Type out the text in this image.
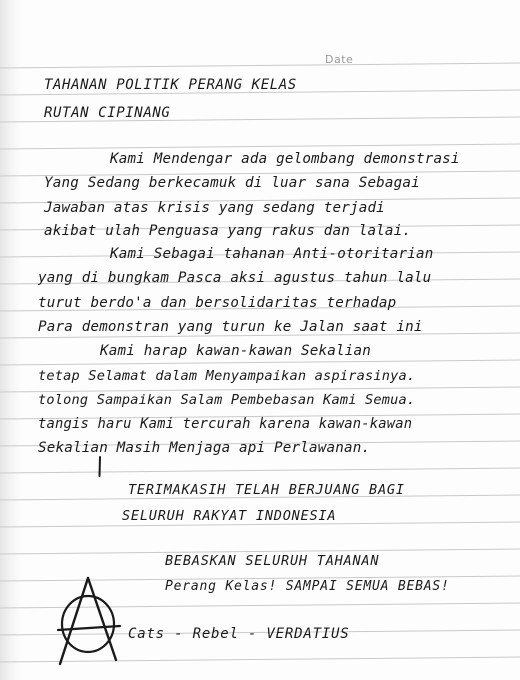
Date
TAHANAN POLITIK PERANG KELAS
RUTAN CIPINANG
Kami Mendengar ada gelombang demonstrasi
Yang Sedang berkecamuk di luar sana Sebagai
Jawaban atas krisis yang sedang terjadi
akibat ulah Penguasa yang rakus dan lalai.
Kami Sebagai tahanan Anti-otoritarian
yang di bungkam Pasca aksi agustus tahun lalu
turut berdo'a dan bersolidaritas terhadap
Para demonstran yang turun ke Jalan saat ini
Kami harap kawan-kawan Sekalian
tetap Selamat dalam Menyampaikan aspirasinya.
tolong Sampaikan Salam Pembebasan Kami Semua.
tangis haru Kami tercurah karena kawan-kawan
Sekalian Masih Menjaga api Perlawanan.
TERIMAKASIH TELAH BERJUANG BAGI
SELURUH RAKYAT INDONESIA
BEBASKAN SELURUH TAHANAN
Perang Kelas! SAMPAI SEMUA BEBAS!
Cats - Rebel - VERDATIUS
